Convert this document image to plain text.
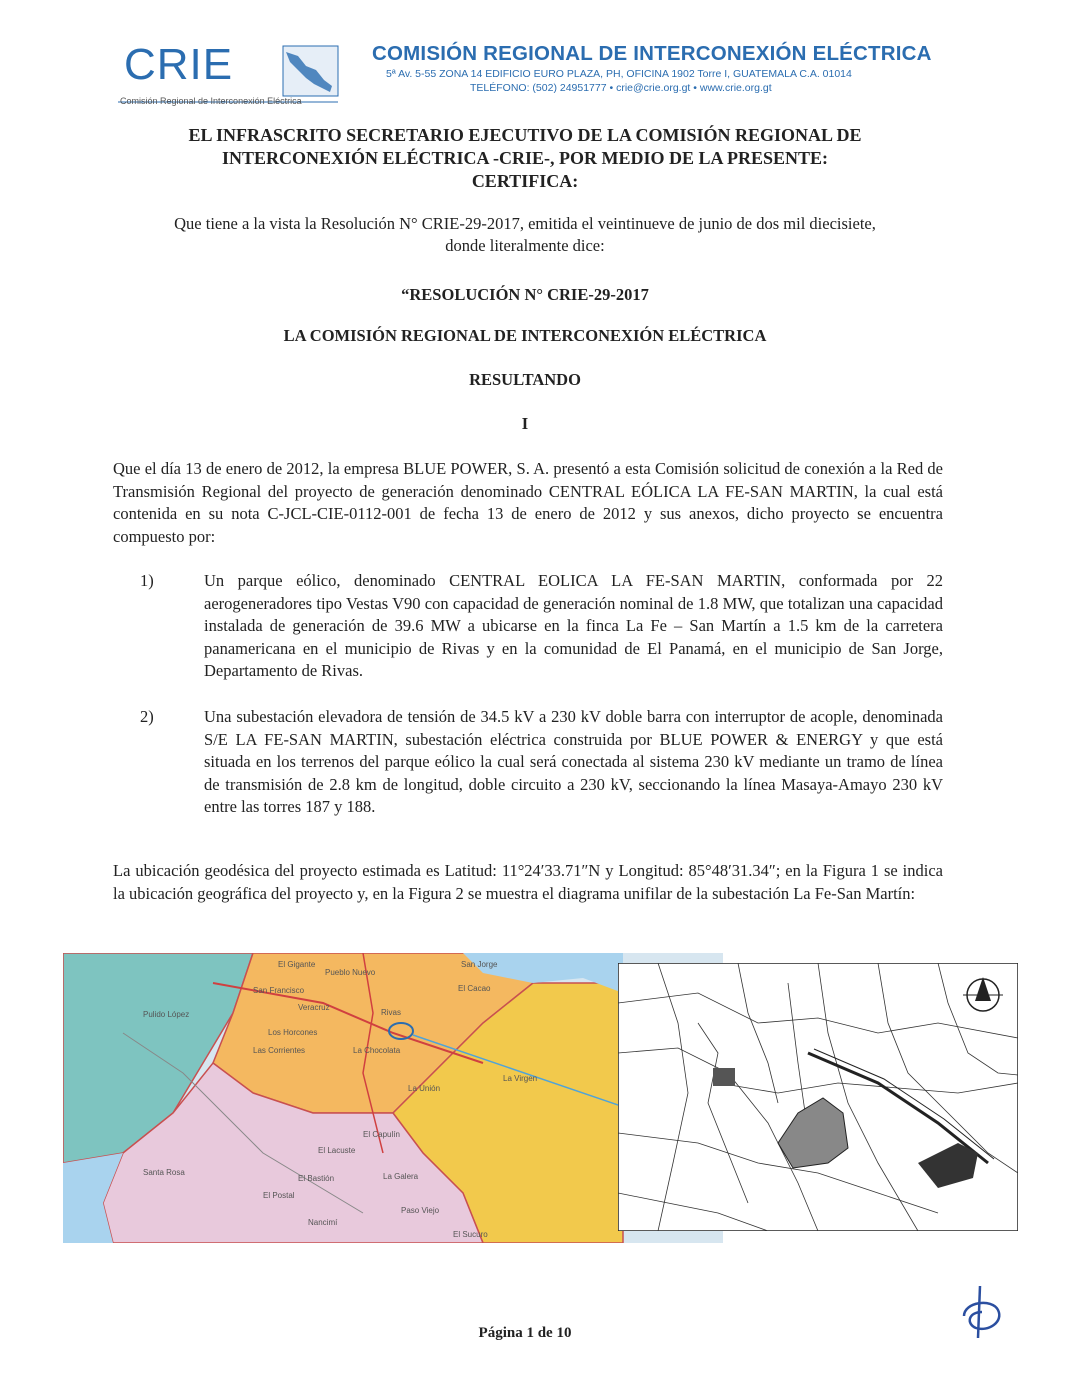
CRIE
Comisión Regional de Interconexión Eléctrica
COMISIÓN REGIONAL DE INTERCONEXIÓN ELÉCTRICA
5ª Av. 5-55 ZONA 14 EDIFICIO EURO PLAZA, PH, OFICINA 1902 Torre I, GUATEMALA C.A. 01014
TELÉFONO: (502) 24951777 • crie@crie.org.gt • www.crie.org.gt
EL INFRASCRITO SECRETARIO EJECUTIVO DE LA COMISIÓN REGIONAL DE
INTERCONEXIÓN ELÉCTRICA -CRIE-, POR MEDIO DE LA PRESENTE:
CERTIFICA:
Que tiene a la vista la Resolución N° CRIE-29-2017, emitida el veintinueve de junio de dos mil diecisiete,
donde literalmente dice:
“RESOLUCIÓN N° CRIE-29-2017
LA COMISIÓN REGIONAL DE INTERCONEXIÓN ELÉCTRICA
RESULTANDO
I
Que el día 13 de enero de 2012, la empresa BLUE POWER, S. A. presentó a esta Comisión solicitud de conexión a la Red de Transmisión Regional del proyecto de generación denominado CENTRAL EÓLICA LA FE-SAN MARTIN, la cual está contenida en su nota C-JCL-CIE-0112-001 de fecha 13 de enero de 2012 y sus anexos, dicho proyecto se encuentra compuesto por:
1)	Un parque eólico, denominado CENTRAL EOLICA LA FE-SAN MARTIN, conformada por 22 aerogeneradores tipo Vestas V90 con capacidad de generación nominal de 1.8 MW, que totalizan una capacidad instalada de generación de 39.6 MW a ubicarse en la finca La Fe – San Martín a 1.5 km de la carretera panamericana en el municipio de Rivas y en la comunidad de El Panamá, en el municipio de San Jorge, Departamento de Rivas.
2)	Una subestación elevadora de tensión de 34.5 kV a 230 kV doble barra con interruptor de acople, denominada S/E LA FE-SAN MARTIN, subestación eléctrica construida por BLUE POWER & ENERGY y que está situada en los terrenos del parque eólico la cual será conectada al sistema 230 kV mediante un tramo de línea de transmisión de 2.8 km de longitud, doble circuito a 230 kV, seccionando la línea Masaya-Amayo 230 kV entre las torres 187 y 188.
La ubicación geodésica del proyecto estimada es Latitud: 11°24′33.71″N y Longitud: 85°48′31.34″; en la Figura 1 se indica la ubicación geográfica del proyecto y, en la Figura 2 se muestra el diagrama unifilar de la subestación La Fe-San Martín:
Rivas
San Jorge
La Virgen
La Chocolata
San Francisco
El Gigante
El Capulín
El Lacuste
El Bastión	La Galera
Nancimí
El Postal
Santa Rosa
Paso Viejo
El Sucuro
La Unión
Los Horcones
Pueblo Nuevo
Las Corrientes
Pulido López
Veracruz
El Cacao
Página 1 de 10
